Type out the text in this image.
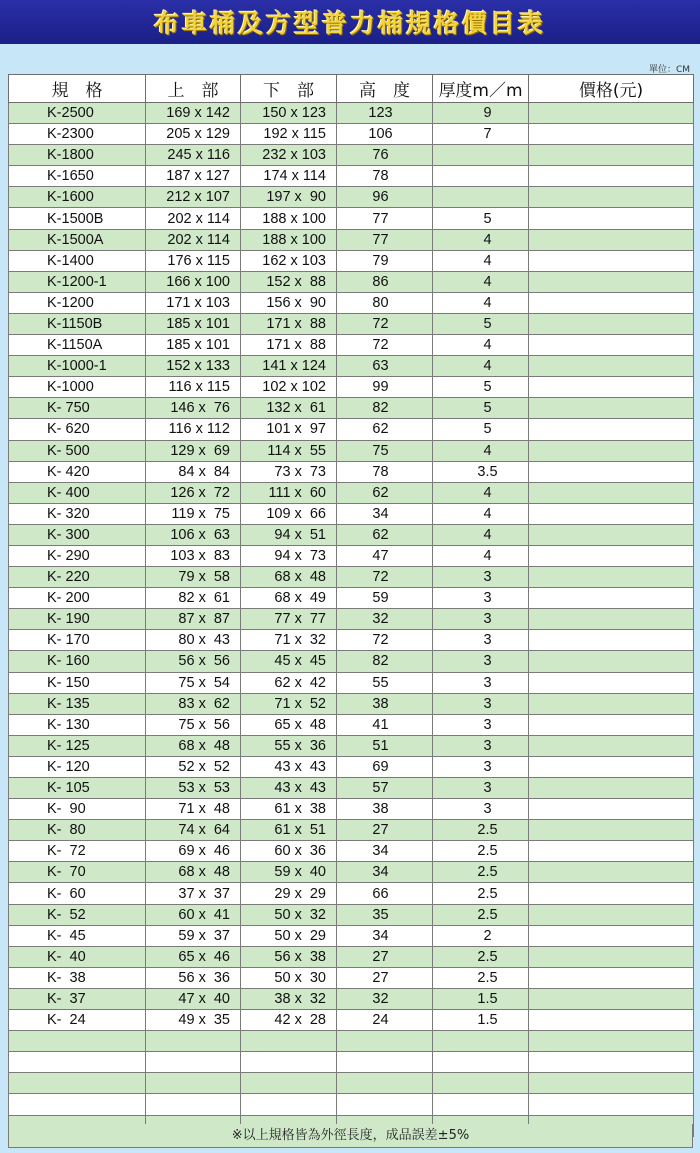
布車桶及方型普力桶規格價目表
單位：CM
規　格	上　部	下　部	高　度	厚度m／m	價格(元)
K-2500	169 x 142	150 x 123	123	9	
K-2300	205 x 129	192 x 115	106	7	
K-1800	245 x 116	232 x 103	76		
K-1650	187 x 127	174 x 114	78		
K-1600	212 x 107	197 x  90	96		
K-1500B	202 x 114	188 x 100	77	5	
K-1500A	202 x 114	188 x 100	77	4	
K-1400	176 x 115	162 x 103	79	4	
K-1200-1	166 x 100	152 x  88	86	4	
K-1200	171 x 103	156 x  90	80	4	
K-1150B	185 x 101	171 x  88	72	5	
K-1150A	185 x 101	171 x  88	72	4	
K-1000-1	152 x 133	141 x 124	63	4	
K-1000	116 x 115	102 x 102	99	5	
K- 750	146 x  76	132 x  61	82	5	
K- 620	116 x 112	101 x  97	62	5	
K- 500	129 x  69	114 x  55	75	4	
K- 420	84 x  84	73 x  73	78	3.5	
K- 400	126 x  72	111 x  60	62	4	
K- 320	119 x  75	109 x  66	34	4	
K- 300	106 x  63	94 x  51	62	4	
K- 290	103 x  83	94 x  73	47	4	
K- 220	79 x  58	68 x  48	72	3	
K- 200	82 x  61	68 x  49	59	3	
K- 190	87 x  87	77 x  77	32	3	
K- 170	80 x  43	71 x  32	72	3	
K- 160	56 x  56	45 x  45	82	3	
K- 150	75 x  54	62 x  42	55	3	
K- 135	83 x  62	71 x  52	38	3	
K- 130	75 x  56	65 x  48	41	3	
K- 125	68 x  48	55 x  36	51	3	
K- 120	52 x  52	43 x  43	69	3	
K- 105	53 x  53	43 x  43	57	3	
K-  90	71 x  48	61 x  38	38	3	
K-  80	74 x  64	61 x  51	27	2.5	
K-  72	69 x  46	60 x  36	34	2.5	
K-  70	68 x  48	59 x  40	34	2.5	
K-  60	37 x  37	29 x  29	66	2.5	
K-  52	60 x  41	50 x  32	35	2.5	
K-  45	59 x  37	50 x  29	34	2	
K-  40	65 x  46	56 x  38	27	2.5	
K-  38	56 x  36	50 x  30	27	2.5	
K-  37	47 x  40	38 x  32	32	1.5	
K-  24	49 x  35	42 x  28	24	1.5	

※以上規格皆為外徑長度，成品誤差±5%
